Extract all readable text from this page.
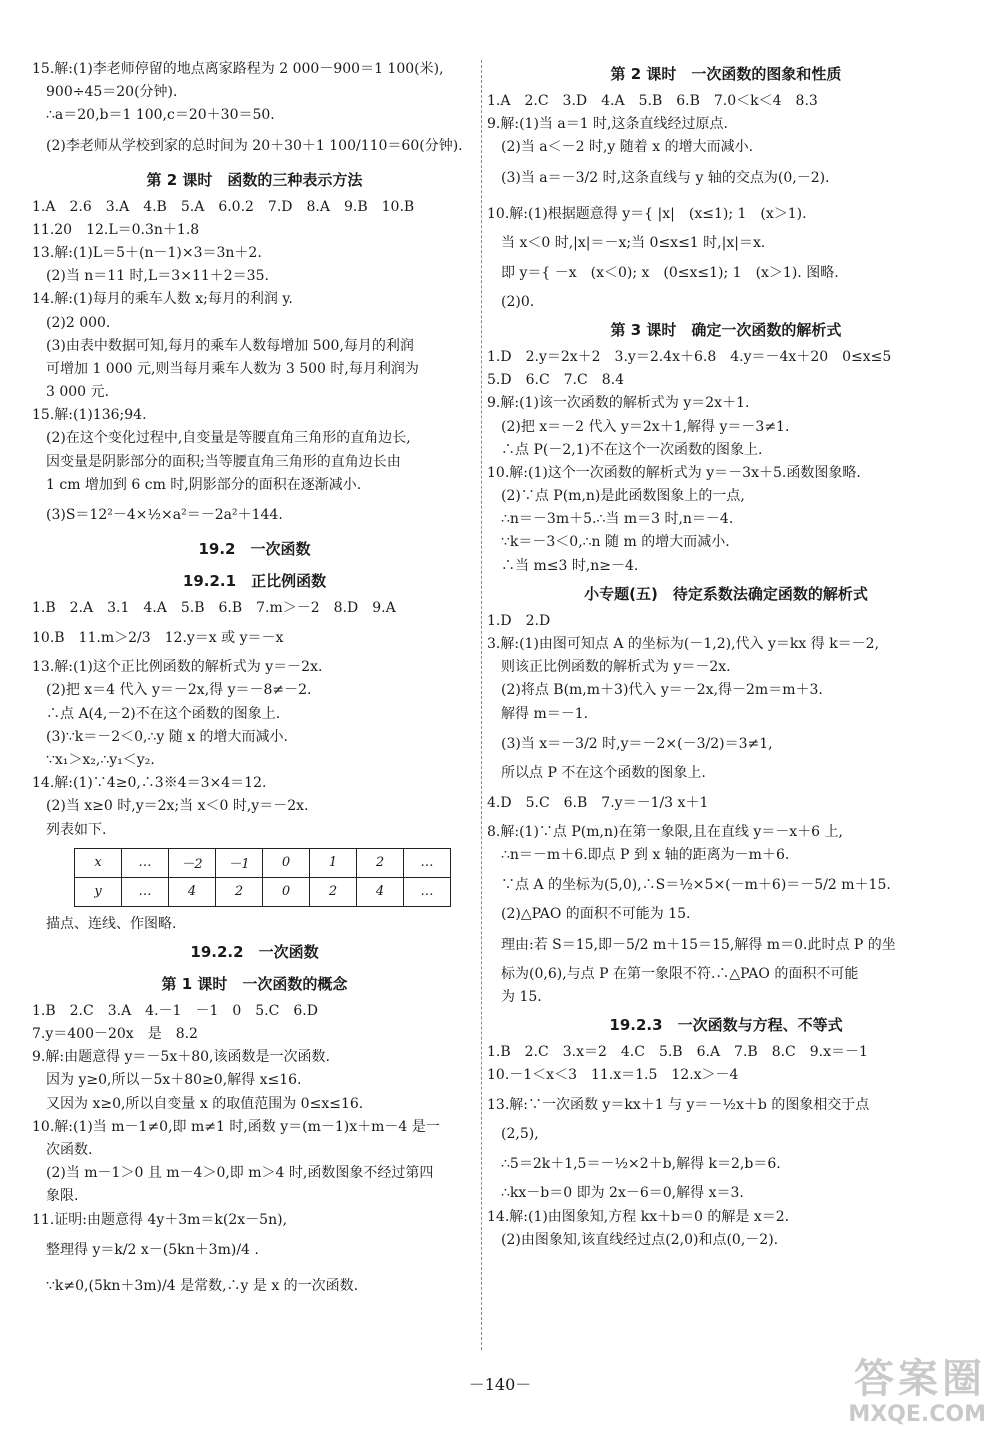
15.解:(1)李老师停留的地点离家路程为 2 000－900＝1 100(米),
900÷45＝20(分钟).
∴a＝20,b＝1 100,c＝20＋30＝50.
(2)李老师从学校到家的总时间为 20＋30＋1 100/110＝60(分钟).
第 2 课时　函数的三种表示方法
1.A　2.6　3.A　4.B　5.A　6.0.2　7.D　8.A　9.B　10.B
11.20　12.L＝0.3n＋1.8
13.解:(1)L＝5＋(n－1)×3＝3n＋2.
(2)当 n＝11 时,L＝3×11＋2＝35.
14.解:(1)每月的乘车人数 x;每月的利润 y.
(2)2 000.
(3)由表中数据可知,每月的乘车人数每增加 500,每月的利润
可增加 1 000 元,则当每月乘车人数为 3 500 时,每月利润为
3 000 元.
15.解:(1)136;94.
(2)在这个变化过程中,自变量是等腰直角三角形的直角边长,
因变量是阴影部分的面积;当等腰直角三角形的直角边长由
1 cm 增加到 6 cm 时,阴影部分的面积在逐渐减小.
(3)S＝12²－4×½×a²＝－2a²＋144.
19.2　一次函数
19.2.1　正比例函数
1.B　2.A　3.1　4.A　5.B　6.B　7.m＞－2　8.D　9.A
10.B　11.m＞2/3　12.y＝x 或 y＝－x
13.解:(1)这个正比例函数的解析式为 y＝－2x.
(2)把 x＝4 代入 y＝－2x,得 y＝－8≠－2.
∴点 A(4,－2)不在这个函数的图象上.
(3)∵k＝－2＜0,∴y 随 x 的增大而减小.
∵x₁＞x₂,∴y₁＜y₂.
14.解:(1)∵4≥0,∴3※4＝3×4＝12.
(2)当 x≥0 时,y＝2x;当 x＜0 时,y＝－2x.
列表如下.
x	…	－2	－1	0	1	2	…
y	…	4	2	0	2	4	…
描点、连线、作图略.
19.2.2　一次函数
第 1 课时　一次函数的概念
1.B　2.C　3.A　4.－1　－1　0　5.C　6.D
7.y＝400－20x　是　8.2
9.解:由题意得 y＝－5x＋80,该函数是一次函数.
因为 y≥0,所以－5x＋80≥0,解得 x≤16.
又因为 x≥0,所以自变量 x 的取值范围为 0≤x≤16.
10.解:(1)当 m－1≠0,即 m≠1 时,函数 y＝(m－1)x＋m－4 是一
次函数.
(2)当 m－1＞0 且 m－4＞0,即 m＞4 时,函数图象不经过第四
象限.
11.证明:由题意得 4y＋3m＝k(2x－5n),
整理得 y＝k/2 x－(5kn＋3m)/4 .
∵k≠0,(5kn＋3m)/4 是常数,∴y 是 x 的一次函数.
第 2 课时　一次函数的图象和性质
1.A　2.C　3.D　4.A　5.B　6.B　7.0＜k＜4　8.3
9.解:(1)当 a＝1 时,这条直线经过原点.
(2)当 a＜－2 时,y 随着 x 的增大而减小.
(3)当 a＝－3/2 时,这条直线与 y 轴的交点为(0,－2).
10.解:(1)根据题意得 y＝{ |x|　(x≤1); 1　(x＞1).
当 x＜0 时,|x|＝－x;当 0≤x≤1 时,|x|＝x.
即 y＝{ －x　(x＜0); x　(0≤x≤1); 1　(x＞1). 图略.
(2)0.
第 3 课时　确定一次函数的解析式
1.D　2.y＝2x＋2　3.y＝2.4x＋6.8　4.y＝－4x＋20　0≤x≤5
5.D　6.C　7.C　8.4
9.解:(1)该一次函数的解析式为 y＝2x＋1.
(2)把 x＝－2 代入 y＝2x＋1,解得 y＝－3≠1.
∴点 P(－2,1)不在这个一次函数的图象上.
10.解:(1)这个一次函数的解析式为 y＝－3x＋5.函数图象略.
(2)∵点 P(m,n)是此函数图象上的一点,
∴n＝－3m＋5.∴当 m＝3 时,n＝－4.
∵k＝－3＜0,∴n 随 m 的增大而减小.
∴当 m≤3 时,n≥－4.
小专题(五)　待定系数法确定函数的解析式
1.D　2.D
3.解:(1)由图可知点 A 的坐标为(－1,2),代入 y＝kx 得 k＝－2,
则该正比例函数的解析式为 y＝－2x.
(2)将点 B(m,m＋3)代入 y＝－2x,得－2m＝m＋3.
解得 m＝－1.
(3)当 x＝－3/2 时,y＝－2×(－3/2)＝3≠1,
所以点 P 不在这个函数的图象上.
4.D　5.C　6.B　7.y＝－1/3 x＋1
8.解:(1)∵点 P(m,n)在第一象限,且在直线 y＝－x＋6 上,
∴n＝－m＋6.即点 P 到 x 轴的距离为－m＋6.
∵点 A 的坐标为(5,0),∴S＝½×5×(－m＋6)＝－5/2 m＋15.
(2)△PAO 的面积不可能为 15.
理由:若 S＝15,即－5/2 m＋15＝15,解得 m＝0.此时点 P 的坐
标为(0,6),与点 P 在第一象限不符.∴△PAO 的面积不可能
为 15.
19.2.3　一次函数与方程、不等式
1.B　2.C　3.x＝2　4.C　5.B　6.A　7.B　8.C　9.x＝－1
10.－1＜x＜3　11.x＝1.5　12.x＞－4
13.解:∵一次函数 y＝kx＋1 与 y＝－½x＋b 的图象相交于点
(2,5),
∴5＝2k＋1,5＝－½×2＋b,解得 k＝2,b＝6.
∴kx－b＝0 即为 2x－6＝0,解得 x＝3.
14.解:(1)由图象知,方程 kx＋b＝0 的解是 x＝2.
(2)由图象知,该直线经过点(2,0)和点(0,－2).
－140－	答案圈
MXQE.COM
